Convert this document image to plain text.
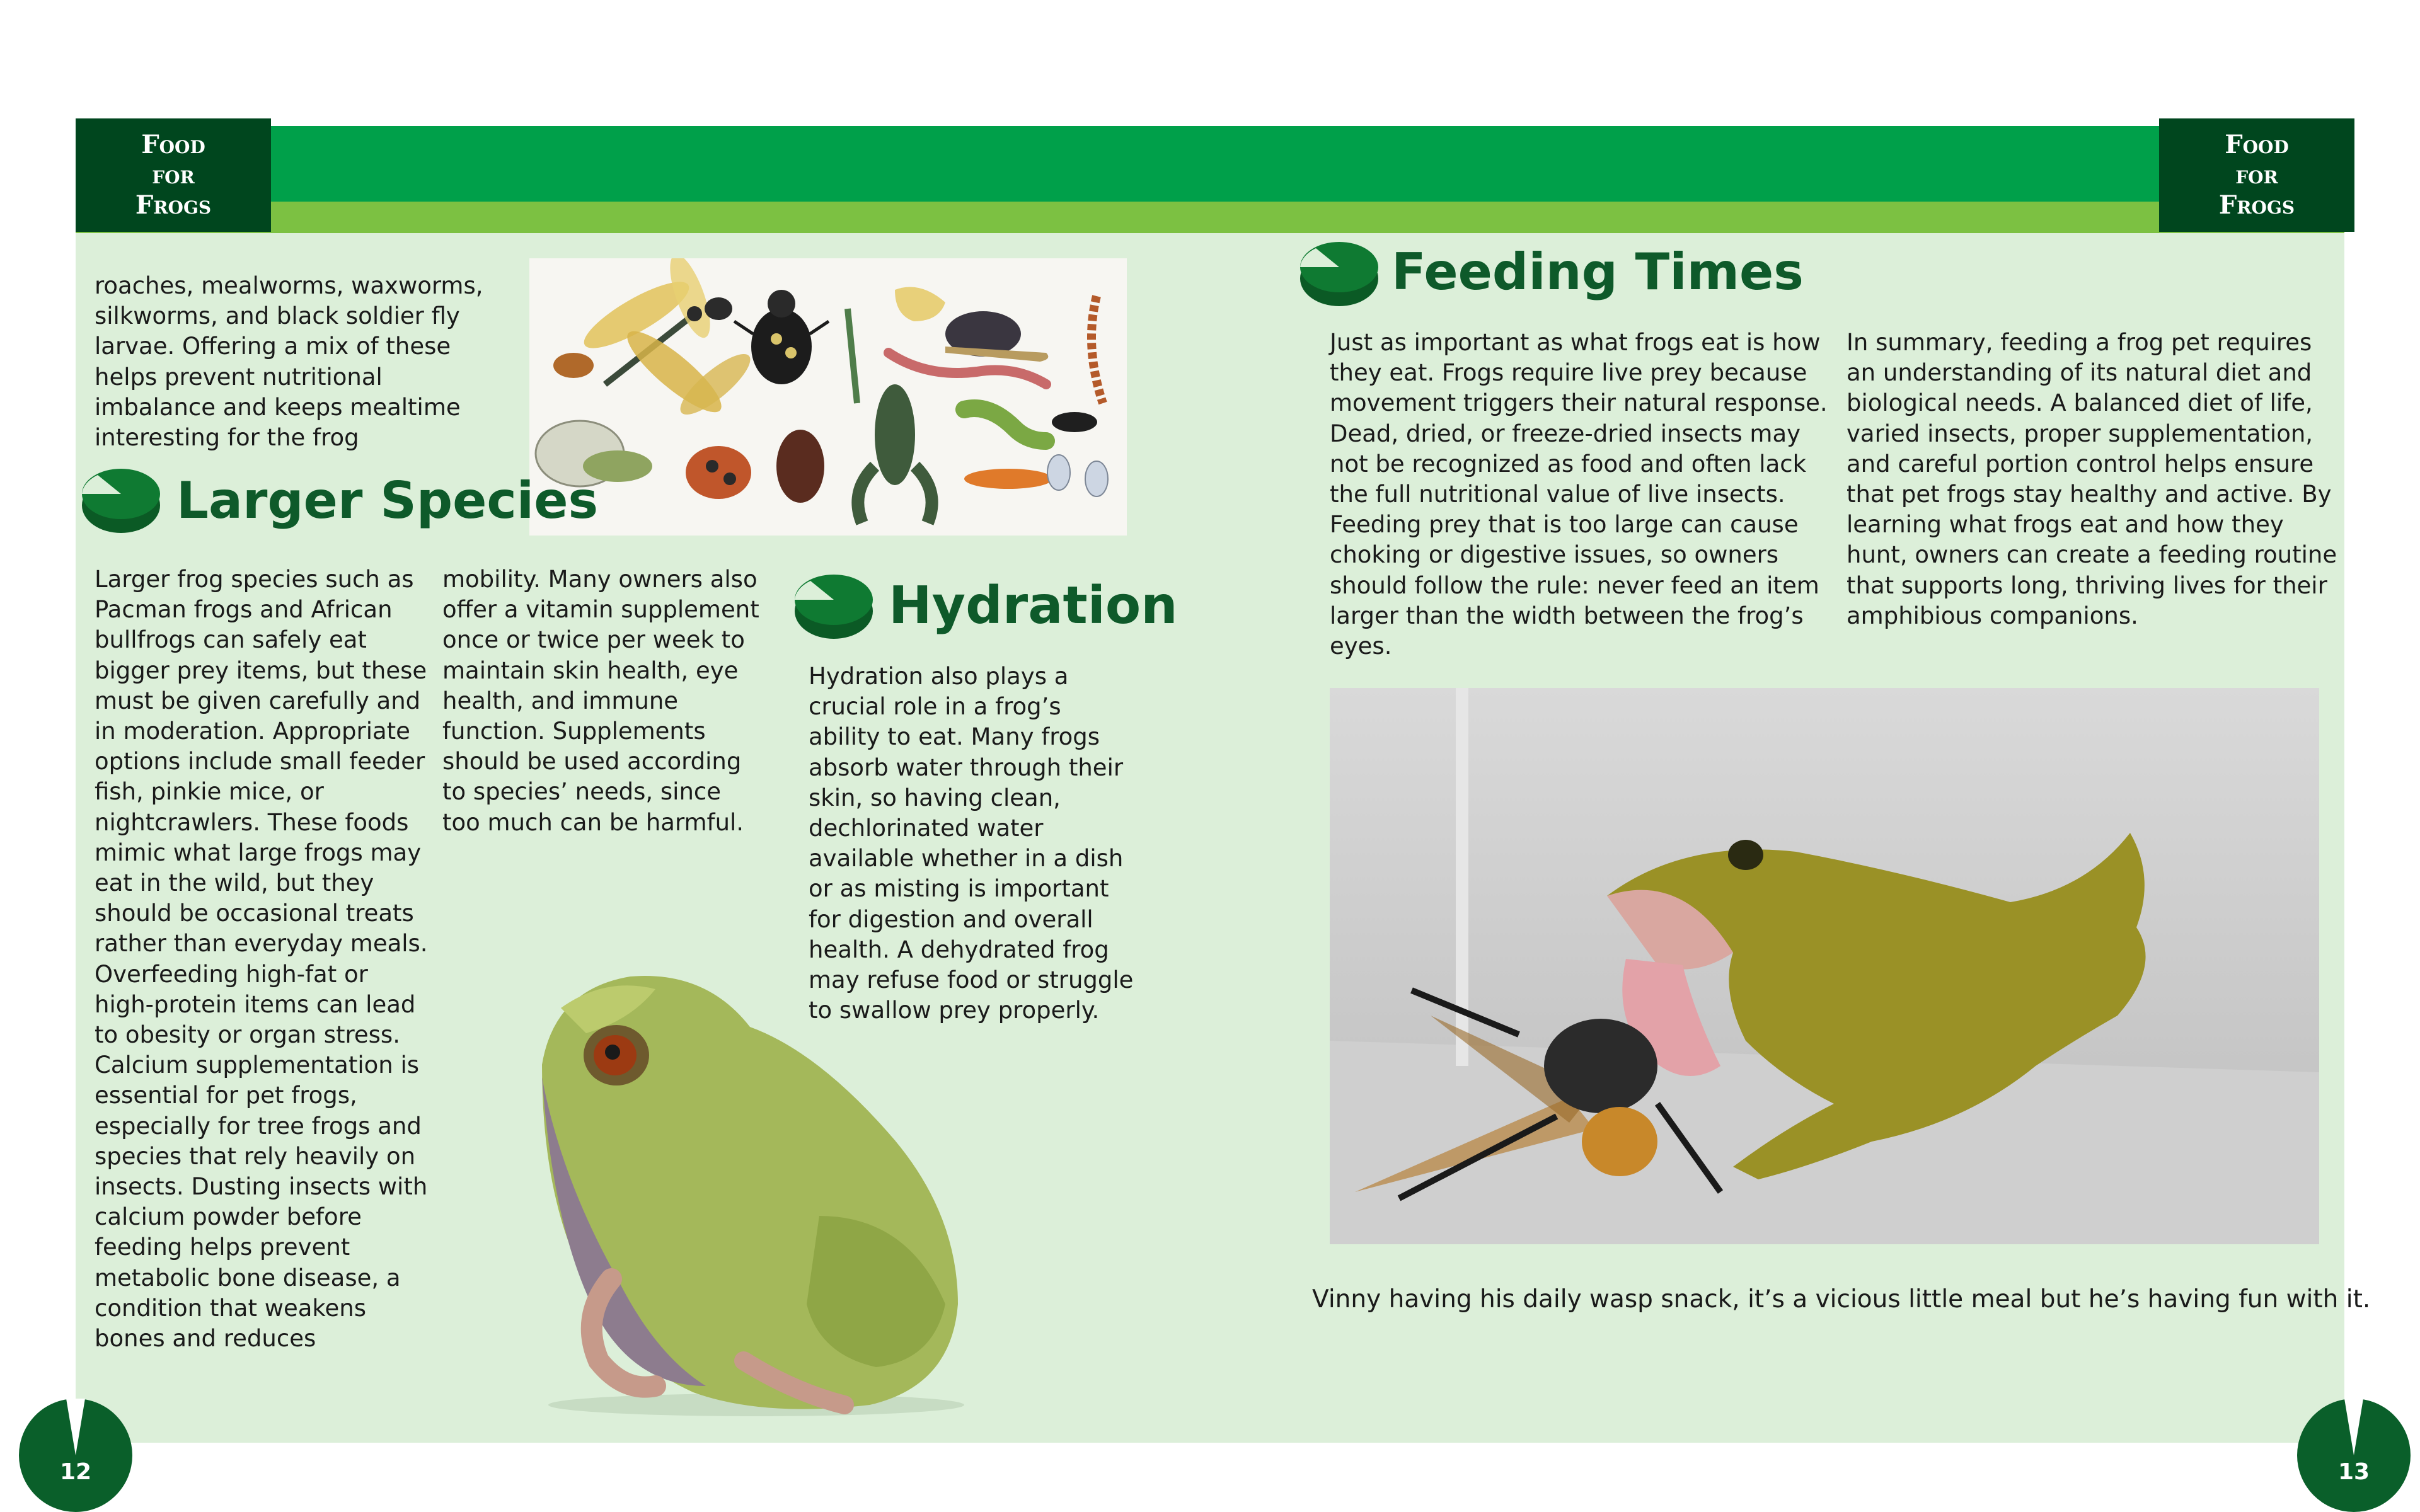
Food
for
Frogs
Food
for
Frogs

roaches, mealworms, waxworms, silkworms, and black soldier fly larvae. Offering a mix of these helps prevent nutritional imbalance and keeps mealtime interesting for the frog

Larger Species

Larger frog species such as Pacman frogs and African bullfrogs can safely eat bigger prey items, but these must be given carefully and in moderation. Appropriate options include small feeder fish, pinkie mice, or nightcrawlers. These foods mimic what large frogs may eat in the wild, but they should be occasional treats rather than everyday meals. Overfeeding high-fat or high-protein items can lead to obesity or organ stress. Calcium supplementation is essential for pet frogs, especially for tree frogs and species that rely heavily on insects. Dusting insects with calcium powder before feeding helps prevent metabolic bone disease, a condition that weakens bones and reduces

mobility. Many owners also offer a vitamin supplement once or twice per week to maintain skin health, eye health, and immune function. Supplements should be used according to species’ needs, since too much can be harmful.

Hydration

Hydration also plays a crucial role in a frog’s ability to eat. Many frogs absorb water through their skin, so having clean, dechlorinated water available whether in a dish or as misting is important for digestion and overall health. A dehydrated frog may refuse food or struggle to swallow prey properly.

12
Feeding Times

Just as important as what frogs eat is how they eat. Frogs require live prey because movement triggers their natural response. Dead, dried, or freeze-dried insects may not be recognized as food and often lack the full nutritional value of live insects. Feeding prey that is too large can cause choking or digestive issues, so owners should follow the rule: never feed an item larger than the width between the frog’s eyes.

In summary, feeding a frog pet requires an understanding of its natural diet and biological needs. A balanced diet of life, varied insects, proper supplementation, and careful portion control helps ensure that pet frogs stay healthy and active. By learning what frogs eat and how they hunt, owners can create a feeding routine that supports long, thriving lives for their amphibious companions.

Vinny having his daily wasp snack, it’s a vicious little meal but he’s having fun with it.
13
